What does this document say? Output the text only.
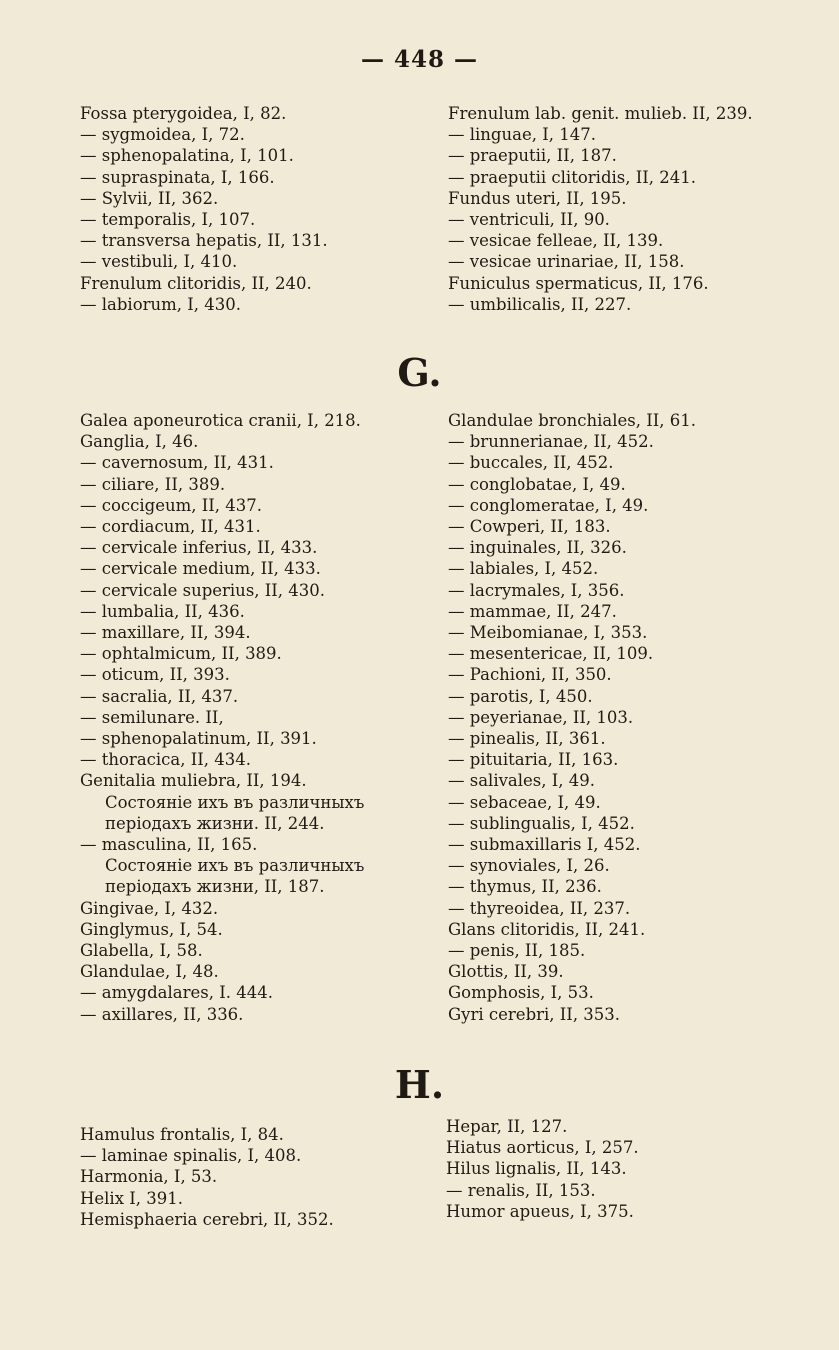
— 448 —
Fossa pterygoidea, I, 82.
— sygmoidea, I, 72.
— sphenopalatina, I, 101.
— supraspinata, I, 166.
— Sylvii, II, 362.
— temporalis, I, 107.
— transversa hepatis, II, 131.
— vestibuli, I, 410.
Frenulum clitoridis, II, 240.
— labiorum, I, 430.
Frenulum lab. genit. mulieb. II, 239.
— linguae, I, 147.
— praeputii, II, 187.
— praeputii clitoridis, II, 241.
Fundus uteri, II, 195.
— ventriculi, II, 90.
— vesicae felleae, II, 139.
— vesicae urinariae, II, 158.
Funiculus spermaticus, II, 176.
— umbilicalis, II, 227.
G.
Galea aponeurotica cranii, I, 218.
Ganglia, I, 46.
— cavernosum, II, 431.
— ciliare, II, 389.
— coccigeum, II, 437.
— cordiacum, II, 431.
— cervicale inferius, II, 433.
— cervicale medium, II, 433.
— cervicale superius, II, 430.
— lumbalia, II, 436.
— maxillare, II, 394.
— ophtalmicum, II, 389.
— oticum, II, 393.
— sacralia, II, 437.
— semilunare. II,
— sphenopalatinum, II, 391.
— thoracica, II, 434.
Genitalia muliebra, II, 194.
Состояніе ихъ въ различныхъ періодахъ жизни. II, 244.
— masculina, II, 165.
Состояніе ихъ въ различныхъ періодахъ жизни, II, 187.
Gingivae, I, 432.
Ginglymus, I, 54.
Glabella, I, 58.
Glandulae, I, 48.
— amygdalares, I. 444.
— axillares, II, 336.
Glandulae bronchiales, II, 61.
— brunnerianae, II, 452.
— buccales, II, 452.
— conglobatae, I, 49.
— conglomeratae, I, 49.
— Cowperi, II, 183.
— inguinales, II, 326.
— labiales, I, 452.
— lacrymales, I, 356.
— mammae, II, 247.
— Meibomianae, I, 353.
— mesentericae, II, 109.
— Pachioni, II, 350.
— parotis, I, 450.
— peyerianae, II, 103.
— pinealis, II, 361.
— pituitaria, II, 163.
— salivales, I, 49.
— sebaceae, I, 49.
— sublingualis, I, 452.
— submaxillaris I, 452.
— synoviales, I, 26.
— thymus, II, 236.
— thyreoidea, II, 237.
Glans clitoridis, II, 241.
— penis, II, 185.
Glottis, II, 39.
Gomphosis, I, 53.
Gyri cerebri, II, 353.
H.
Hamulus frontalis, I, 84.
— laminae spinalis, I, 408.
Harmonia, I, 53.
Helix I, 391.
Hemisphaeria cerebri, II, 352.
Hepar, II, 127.
Hiatus aorticus, I, 257.
Hilus lignalis, II, 143.
— renalis, II, 153.
Humor apueus, I, 375.
